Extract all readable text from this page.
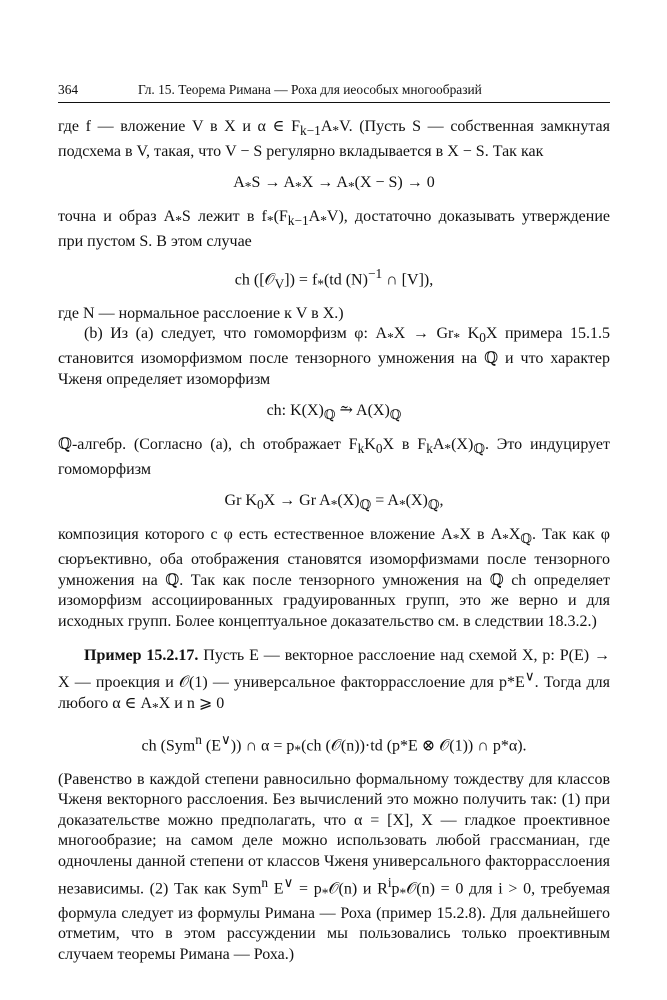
364	Гл. 15. Теорема Римана — Роха для иеособых многообразий

где f — вложение V в X и α ∈ $F_{k-1}A_*V$. (Пусть S — собственная замкнутая подсхема в V, такая, что V − S регулярно вкладывается в X − S. Так как

$A_*S \to A_*X \to A_*(X - S) \to 0$

точна и образ $A_*S$ лежит в $f_*(F_{k-1}A_*V)$, достаточно доказывать утверждение при пустом S. В этом случае

ch ([𝒪$_V$]) = $f_*(td$ $(N)^{-1}$ ∩ [V]),

где N — нормальное расслоение к V в X.)

(b) Из (a) следует, что гомоморфизм φ: $A_*X \to Gr_*$ $K_0X$ примера 15.1.5 становится изоморфизмом после тензорного умножения на ℚ и что характер Чженя определяет изоморфизм

ch: $K(X)_ℚ$ ⥲ $A(X)_ℚ$

ℚ-алгебр. (Согласно (a), ch отображает $F_kK_0X$ в $F_kA_*(X)_ℚ$. Это индуцирует гомоморфизм

Gr $K_0X \to Gr$ $A_*(X)_ℚ = A_*(X)_ℚ$,

композиция которого с φ есть естественное вложение $A_*X$ в $A_*X_ℚ$. Так как φ сюръективно, оба отображения становятся изоморфизмами после тензорного умножения на ℚ. Так как после тензорного умножения на ℚ ch определяет изоморфизм ассоциированных градуированных групп, это же верно и для исходных групп. Более концептуальное доказательство см. в следствии 18.3.2.)

Пример 15.2.17. Пусть E — векторное расслоение над схемой X, p: P(E) → X — проекция и 𝒪(1) — универсальное факторрасслоение для p*E∨. Тогда для любого α ∈ $A_*X$ и n ⩾ 0

ch (Sym$^n$ (E∨)) ∩ $\alpha = p_*(ch$ (𝒪(n))·td (p*E ⊗ 𝒪(1)) ∩ p*α).

(Равенство в каждой степени равносильно формальному тождеству для классов Чженя векторного расслоения. Без вычислений это можно получить так: (1) при доказательстве можно предполагать, что α = [X], X — гладкое проективное многообразие; на самом деле можно использовать любой грассманиан, где одночлены данной степени от классов Чженя универсального факторрасслоения независимы. (2) Так как Sym$^n$ $E^\vee = p_*𝒪(n)$ и $R^ip_*𝒪(n) = 0$ для i > 0, требуемая формула следует из формулы Римана — Роха (пример 15.2.8). Для дальнейшего отметим, что в этом рассуждении мы пользовались только проективным случаем теоремы Римана — Роха.)
